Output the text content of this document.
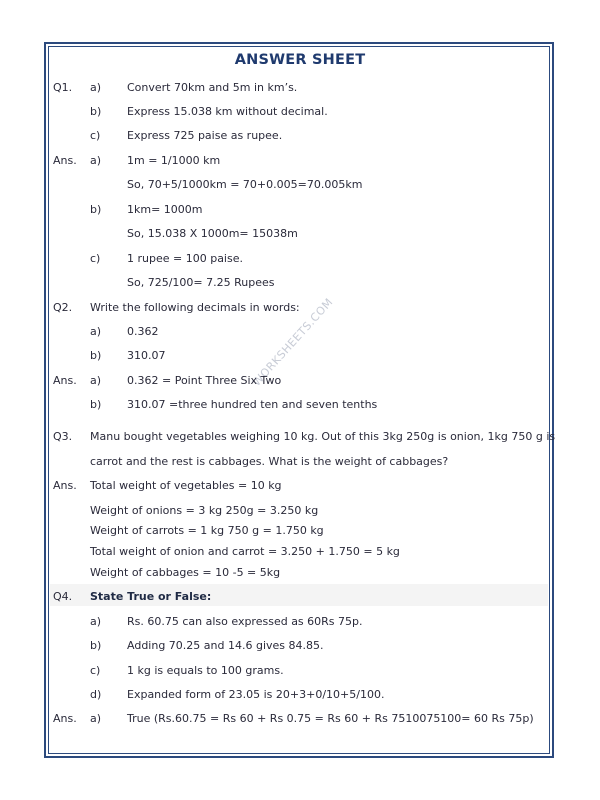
WORKSHEETS.COM
ANSWER SHEET
Q1. a) Convert 70km and 5m in km’s.
b) Express 15.038 km without decimal.
c) Express 725 paise as rupee.
Ans. a) 1m = 1/1000 km
So, 70+5/1000km = 70+0.005=70.005km
b) 1km= 1000m
So, 15.038 X 1000m= 15038m
c) 1 rupee = 100 paise.
So, 725/100= 7.25 Rupees
Q2. Write the following decimals in words:
a) 0.362
b) 310.07
Ans. a) 0.362 = Point Three Six Two
b) 310.07 =three hundred ten and seven tenths
Q3. Manu bought vegetables weighing 10 kg. Out of this 3kg 250g is onion, 1kg 750 g is
carrot and the rest is cabbages. What is the weight of cabbages?
Ans. Total weight of vegetables = 10 kg
Weight of onions = 3 kg 250g = 3.250 kg
Weight of carrots = 1 kg 750 g = 1.750 kg
Total weight of onion and carrot = 3.250 + 1.750 = 5 kg
Weight of cabbages = 10 -5 = 5kg
Q4. State True or False:
a) Rs. 60.75 can also expressed as 60Rs 75p.
b) Adding 70.25 and 14.6 gives 84.85.
c) 1 kg is equals to 100 grams.
d) Expanded form of 23.05 is 20+3+0/10+5/100.
Ans. a) True (Rs.60.75 = Rs 60 + Rs 0.75 = Rs 60 + Rs 7510075100= 60 Rs 75p)
